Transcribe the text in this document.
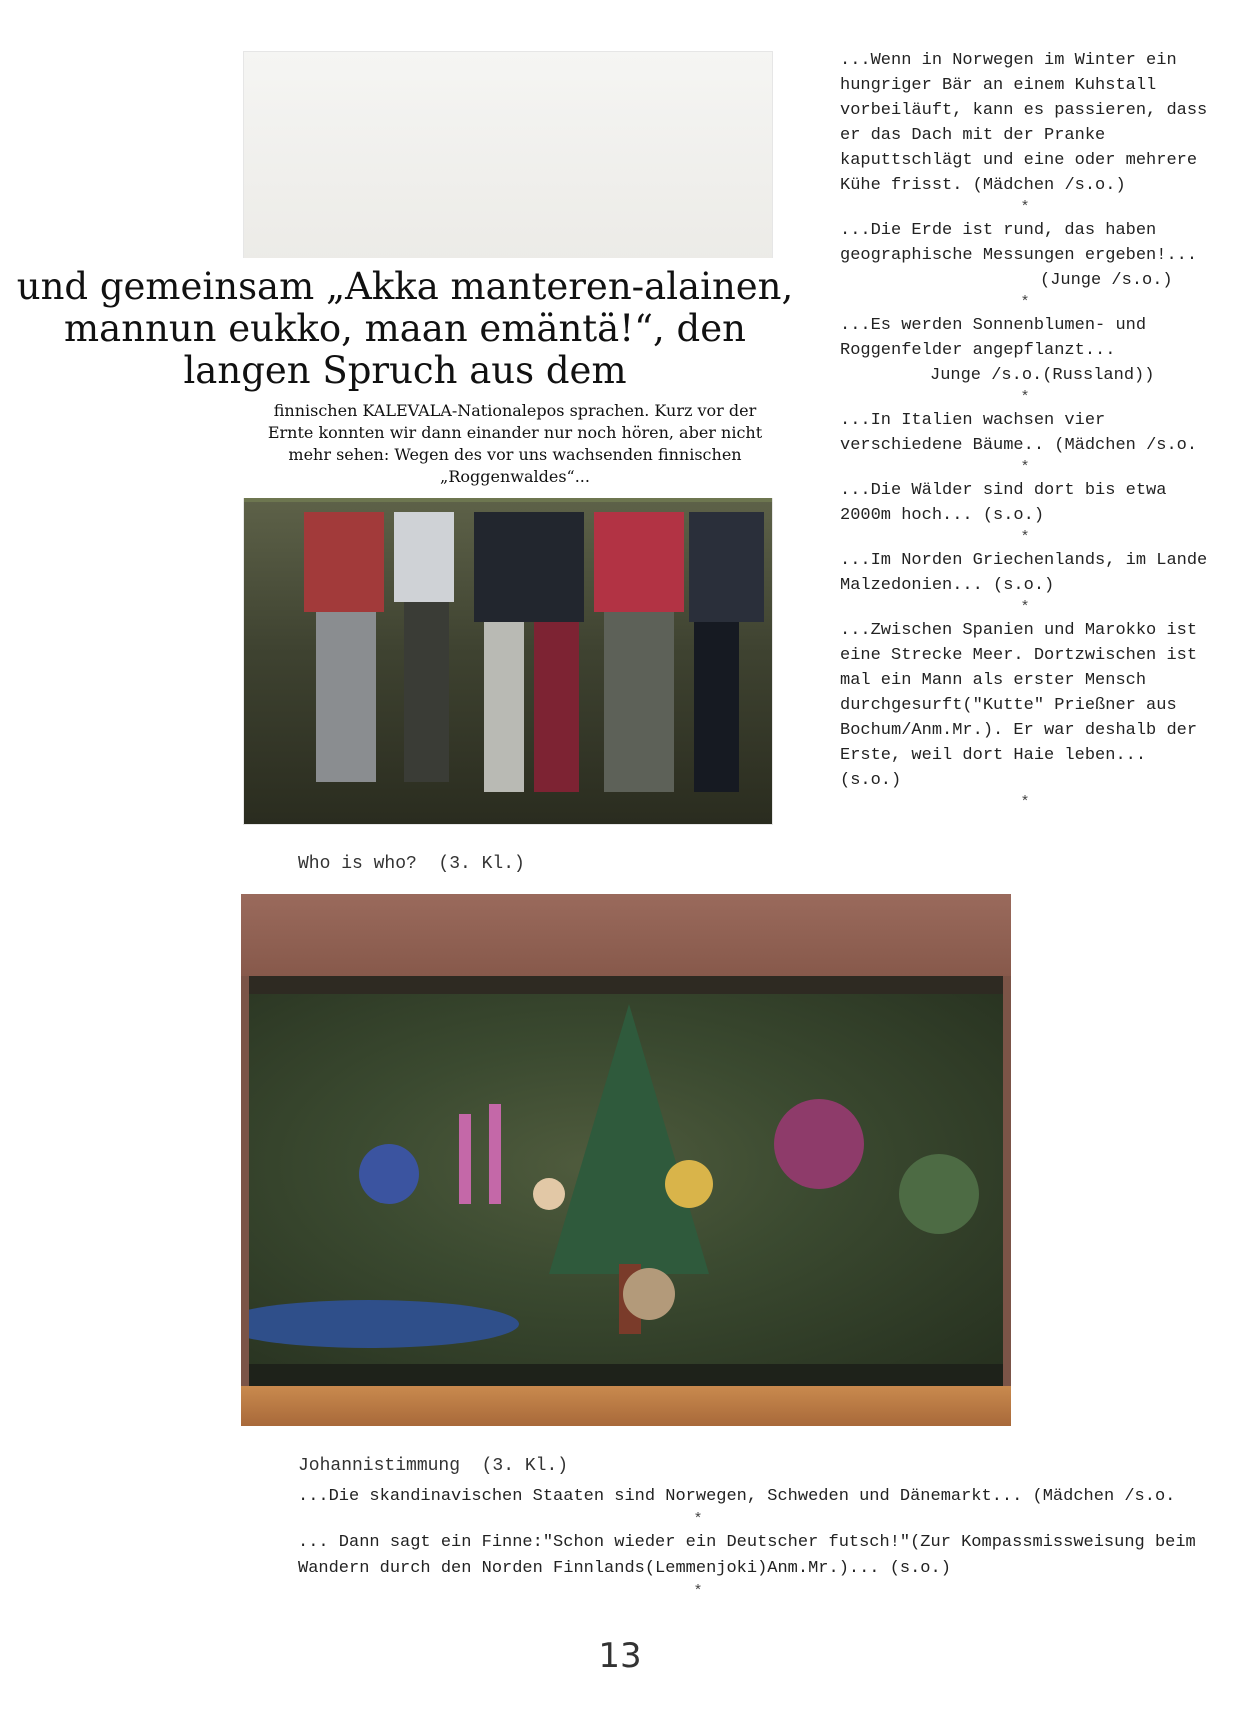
und gemeinsam „Akka manteren-alainen, mannun eukko, maan emäntä!“, den langen Spruch aus dem
finnischen KALEVALA-Nationalepos sprachen. Kurz vor der Ernte konnten wir dann einander nur noch hören, aber nicht mehr sehen: Wegen des vor uns wachsenden finnischen „Roggenwaldes“...

...Wenn in Norwegen im Winter ein hungriger Bär an einem Kuhstall vorbeiläuft, kann es passieren, dass er das Dach mit der Pranke kaputtschlägt und eine oder mehrere Kühe frisst. (Mädchen /s.o.)

*

...Die Erde ist rund, das haben geographische Messungen ergeben!...
(Junge /s.o.)

*

...Es werden Sonnenblumen- und Roggenfelder angepflanzt...
Junge /s.o.(Russland))

*

...In Italien wachsen vier verschiedene Bäume.. (Mädchen /s.o.

*

...Die Wälder sind dort bis etwa 2000m hoch... (s.o.)

*

...Im Norden Griechenlands, im Lande Malzedonien... (s.o.)

*

...Zwischen Spanien und Marokko ist eine Strecke Meer. Dortzwischen ist mal ein Mann als erster Mensch durchgesurft("Kutte" Prießner aus Bochum/Anm.Mr.). Er war deshalb der Erste, weil dort Haie leben... (s.o.)

*

Who is who?  (3. Kl.)
Johannistimmung  (3. Kl.)

...Die skandinavischen Staaten sind Norwegen, Schweden und Dänemarkt... (Mädchen /s.o.

*

... Dann sagt ein Finne:"Schon wieder ein Deutscher futsch!"(Zur Kompassmissweisung beim Wandern durch den Norden Finnlands(Lemmenjoki)Anm.Mr.)... (s.o.)

*

13
